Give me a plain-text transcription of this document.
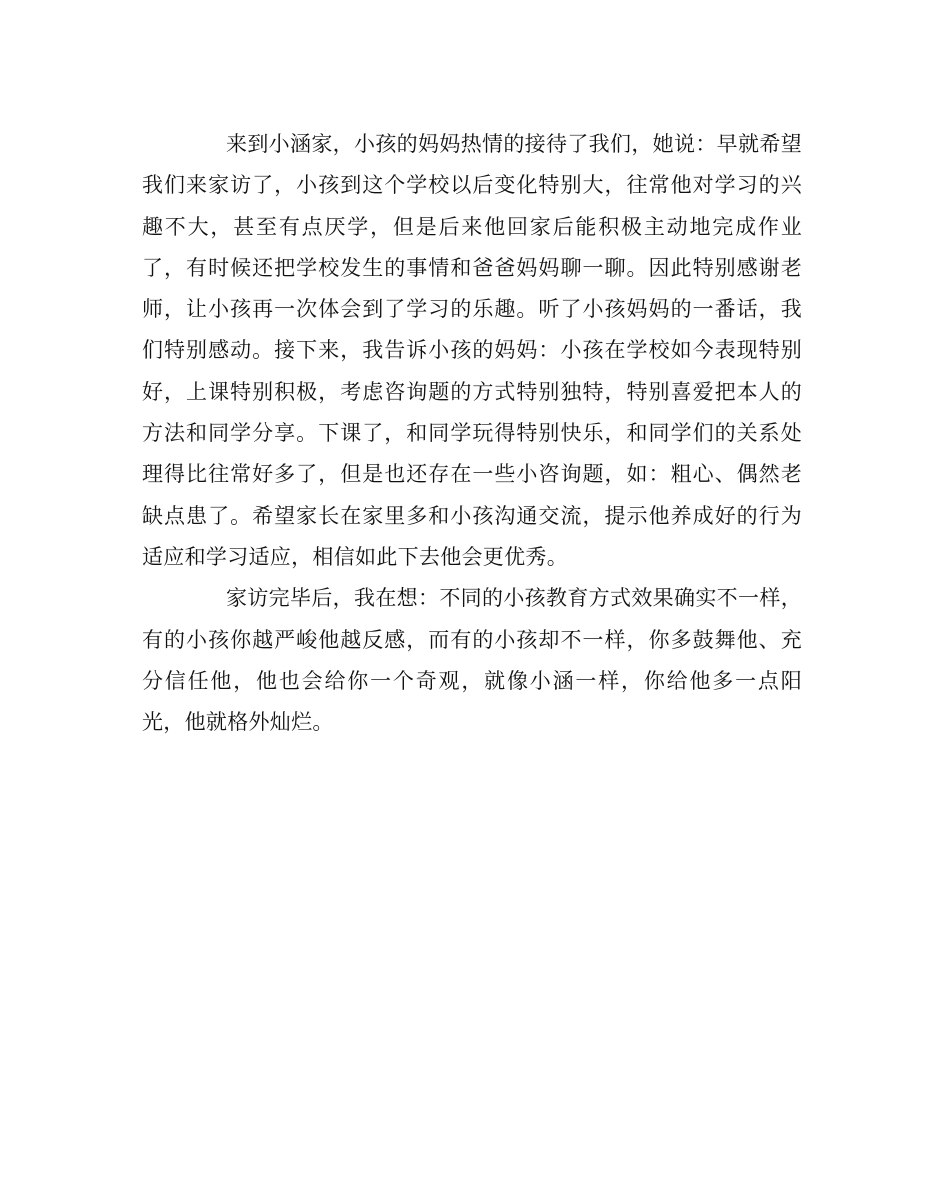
来到小涵家，小孩的妈妈热情的接待了我们，她说：早就希望我们来家访了，小孩到这个学校以后变化特别大，往常他对学习的兴趣不大，甚至有点厌学，但是后来他回家后能积极主动地完成作业了，有时候还把学校发生的事情和爸爸妈妈聊一聊。因此特别感谢老师，让小孩再一次体会到了学习的乐趣。听了小孩妈妈的一番话，我们特别感动。接下来，我告诉小孩的妈妈：小孩在学校如今表现特别好，上课特别积极，考虑咨询题的方式特别独特，特别喜爱把本人的方法和同学分享。下课了，和同学玩得特别快乐，和同学们的关系处理得比往常好多了，但是也还存在一些小咨询题，如：粗心、偶然老缺点患了。希望家长在家里多和小孩沟通交流，提示他养成好的行为适应和学习适应，相信如此下去他会更优秀。

家访完毕后，我在想：不同的小孩教育方式效果确实不一样，有的小孩你越严峻他越反感，而有的小孩却不一样，你多鼓舞他、充分信任他，他也会给你一个奇观，就像小涵一样，你给他多一点阳光，他就格外灿烂。
